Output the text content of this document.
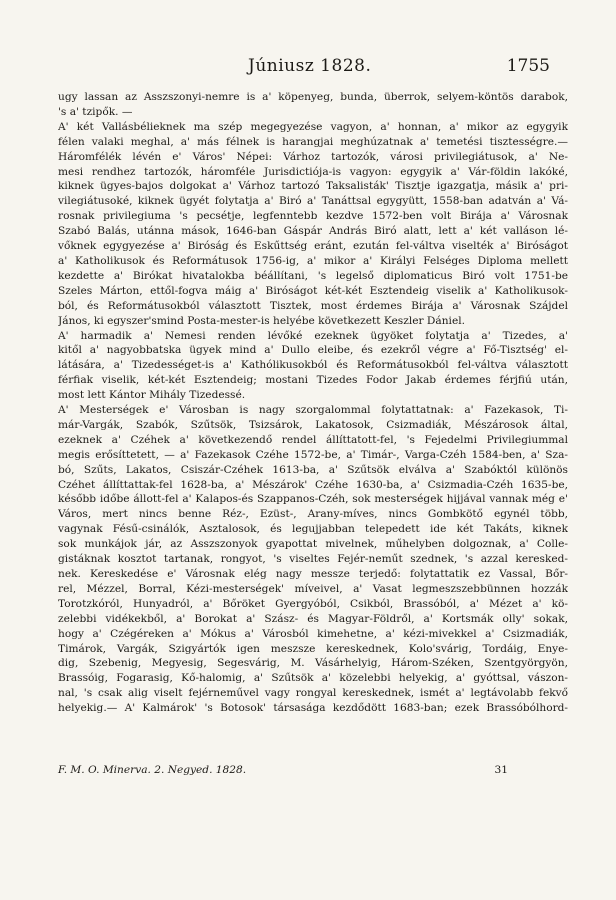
Júniusz 1828.	1755
ugy lassan az Asszszonyi-nemre is a' köpenyeg, bunda, überrok, selyem-köntös darabok,
's a' tzipők. —
A' két Vallásbélieknek ma szép megegyezése vagyon, a' honnan, a' mikor az egygyik
félen valaki meghal, a' más félnek is harangjai meghúzatnak a' temetési tisztességre.—
Háromfélék lévén e' Város' Népei: Várhoz tartozók, városi privilegiátusok, a' Ne-
mesi rendhez tartozók, háromféle Jurisdictiója-is vagyon: egygyik a' Vár-földin lakóké,
kiknek ügyes-bajos dolgokat a' Várhoz tartozó Taksalisták' Tisztje igazgatja, másik a' pri-
vilegiátusoké, kiknek ügyét folytatja a' Biró a' Tanáttsal egygyütt, 1558-ban adatván a' Vá-
rosnak privilegiuma 's pecsétje, legfenntebb kezdve 1572-ben volt Birája a' Városnak
Szabó Balás, utánna mások, 1646-ban Gáspár András Biró alatt, lett a' két valláson lé-
vőknek egygyezése a' Biróság és Eskűttség eránt, ezután fel-váltva viselték a' Biróságot
a' Katholikusok és Reformátusok 1756-ig, a' mikor a' Királyi Felséges Diploma mellett
kezdette a' Birókat hivatalokba béállítani, 's legelső diplomaticus Biró volt 1751-be
Szeles Márton, ettől-fogva máig a' Biróságot két-két Esztendeig viselik a' Katholikusok-
ból, és Reformátusokból választott Tisztek, most érdemes Birája a' Városnak Szájdel
János, ki egyszer'smind Posta-mester-is helyébe következett Keszler Dániel.
A' harmadik a' Nemesi renden lévőké ezeknek ügyöket folytatja a' Tizedes, a'
kitől a' nagyobbatska ügyek mind a' Dullo eleibe, és ezekről végre a' Fő-Tisztség' el-
látására, a' Tizedességet-is a' Kathólikusokból és Reformátusokból fel-váltva választott
férfiak viselik, két-két Esztendeig; mostani Tizedes Fodor Jakab érdemes férjfiú után,
most lett Kántor Mihály Tizedessé.
A' Mesterségek e' Városban is nagy szorgalommal folytattatnak: a' Fazekasok, Ti-
már-Vargák, Szabók, Szűtsök, Tsizsárok, Lakatosok, Csizmadiák, Mészárosok által,
ezeknek a' Czéhek a' következendő rendel állíttatott-fel, 's Fejedelmi Privilegiummal
megis erősíttetett, — a' Fazekasok Czéhe 1572-be, a' Timár-, Varga-Czéh 1584-ben, a' Sza-
bó, Szűts, Lakatos, Csiszár-Czéhek 1613-ba, a' Szűtsök elválva a' Szabóktól különös
Czéhet állíttattak-fel 1628-ba, a' Mészárok' Czéhe 1630-ba, a' Csizmadia-Czéh 1635-be,
később időbe állott-fel a' Kalapos-és Szappanos-Czéh, sok mesterségek hijjával vannak még e'
Város, mert nincs benne Réz-, Ezüst-, Arany-míves, nincs Gombkötő egynél több,
vagynak Fésű-csinálók, Asztalosok, és legujjabban telepedett ide két Takáts, kiknek
sok munkájok jár, az Asszszonyok gyapottat mivelnek, műhelyben dolgoznak, a' Colle-
gistáknak kosztot tartanak, rongyot, 's viseltes Fejér-neműt szednek, 's azzal keresked-
nek. Kereskedése e' Városnak elég nagy messze terjedő: folytattatik ez Vassal, Bőr-
rel, Mézzel, Borral, Kézi-mesterségek' míveivel, a' Vasat legmeszszebbünnen hozzák
Torotzkóról, Hunyadról, a' Bőröket Gyergyóból, Csikból, Brassóból, a' Mézet a' kö-
zelebbi vidékekből, a' Borokat a' Szász- és Magyar-Földről, a' Kortsmák olly' sokak,
hogy a' Czégéreken a' Mókus a' Városból kimehetne, a' kézi-mivekkel a' Csizmadiák,
Timárok, Vargák, Szigyártók igen meszsze kereskednek, Kolo'svárig, Tordáig, Enye-
dig, Szebenig, Megyesig, Segesvárig, M. Vásárhelyig, Három-Széken, Szentgyörgyön,
Brassóig, Fogarasig, Kő-halomig, a' Szűtsök a' közelebbi helyekig, a' gyóttsal, vászon-
nal, 's csak alig viselt fejérneművel vagy rongyal kereskednek, ismét a' legtávolabb fekvő
helyekig.— A' Kalmárok' 's Botosok' társasága kezdődött 1683-ban; ezek Brassóbólhord-
F. M. O. Minerva. 2. Negyed. 1828.	31
